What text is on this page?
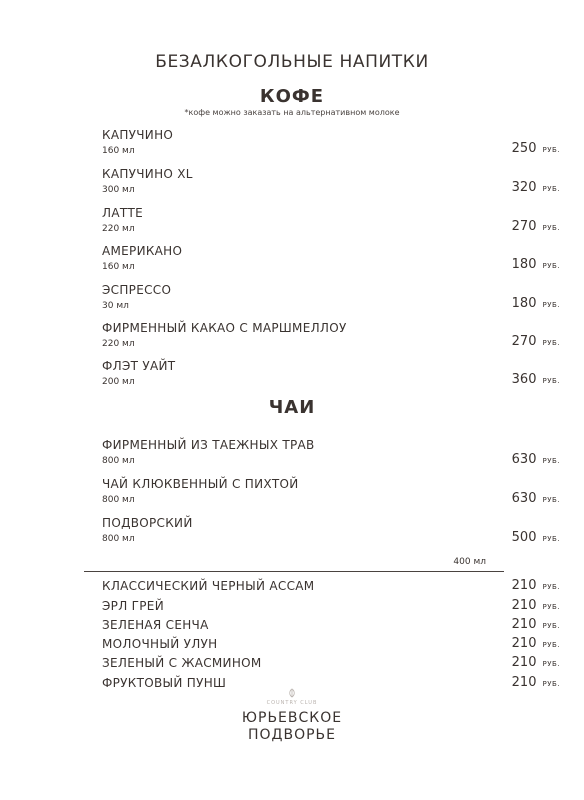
БЕЗАЛКОГОЛЬНЫЕ НАПИТКИ
КОФЕ
*кофе можно заказать на альтернативном молоке
КАПУЧИНО
160 мл	250 РУБ.
КАПУЧИНО XL
300 мл	320 РУБ.
ЛАТТЕ
220 мл	270 РУБ.
АМЕРИКАНО
160 мл	180 РУБ.
ЭСПРЕССО
30 мл	180 РУБ.
ФИРМЕННЫЙ КАКАО С МАРШМЕЛЛОУ
220 мл	270 РУБ.
ФЛЭТ УАЙТ
200 мл	360 РУБ.
ЧАИ
ФИРМЕННЫЙ ИЗ ТАЕЖНЫХ ТРАВ
800 мл	630 РУБ.
ЧАЙ КЛЮКВЕННЫЙ С ПИХТОЙ
800 мл	630 РУБ.
ПОДВОРСКИЙ
800 мл	500 РУБ.
400 мл
КЛАССИЧЕСКИЙ ЧЕРНЫЙ АССАМ	210 РУБ.
ЭРЛ ГРЕЙ	210 РУБ.
ЗЕЛЕНАЯ СЕНЧА	210 РУБ.
МОЛОЧНЫЙ УЛУН	210 РУБ.
ЗЕЛЕНЫЙ С ЖАСМИНОМ	210 РУБ.
ФРУКТОВЫЙ ПУНШ	210 РУБ.
COUNTRY CLUB
ЮРЬЕВСКОЕ
ПОДВОРЬЕ
